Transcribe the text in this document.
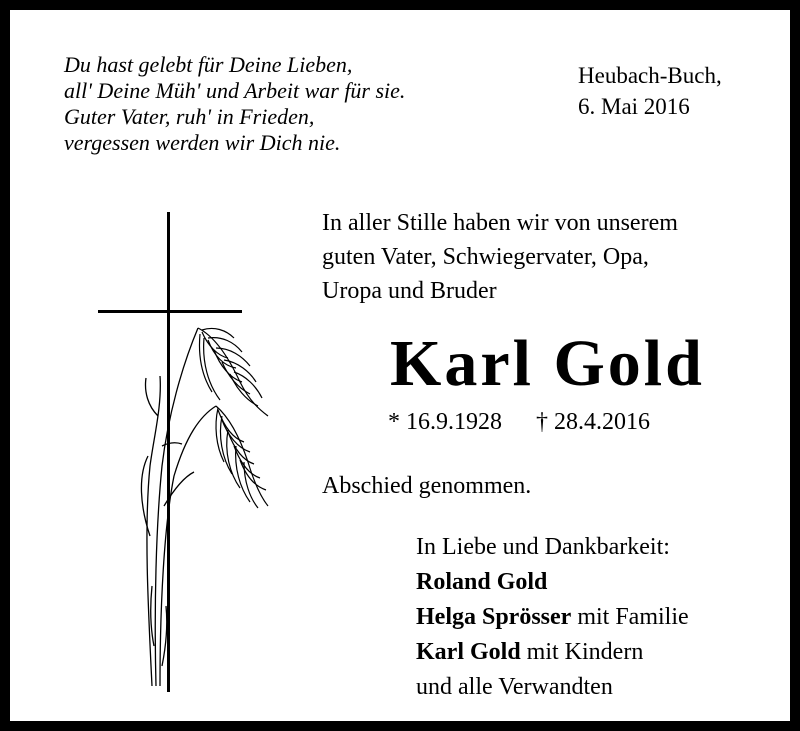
Du hast gelebt für Deine Lieben,
all' Deine Müh' und Arbeit war für sie.
Guter Vater, ruh' in Frieden,
vergessen werden wir Dich nie.
Heubach-Buch,
6. Mai 2016
In aller Stille haben wir von unserem
guten Vater, Schwiegervater, Opa,
Uropa und Bruder
Karl Gold
* 16.9.1928 † 28.4.2016
Abschied genommen.
In Liebe und Dankbarkeit:
Roland Gold
Helga Sprösser mit Familie
Karl Gold mit Kindern
und alle Verwandten
